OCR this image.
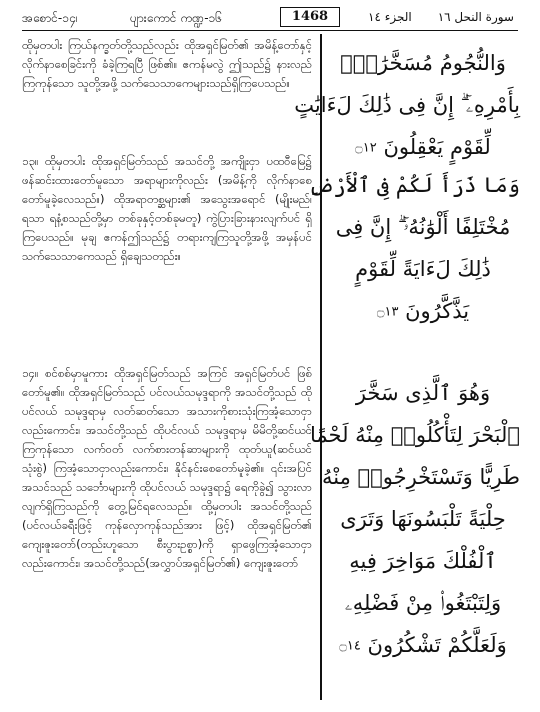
အစောင်-၁၄၊	ပျားကောင် ကဏ္ဍ-၁၆	1468	الجزء ١٤ سورة النحل ١٦

ထိုမှတပါး ကြယ်နက္ခတ်တို့သည်လည်း ထိုအရှင်မြတ်၏ အမိန့်တော်နှင့် လိုက်နာစေခြင်းကို ခံခဲ့ကြရပြီ ဖြစ်၏။ ဧကန်မလွဲ ဤသည်၌ နားလည်ကြကုန်သော သူတို့အဖို့ သက်သေသာကေများသည်ရှိကြပေသည်။

၁၃။ ထိုမှတပါး ထိုအရှင်မြတ်သည် အသင်တို့ အကျိုးငှာ ပထဝီမြေ၌ ဖန်ဆင်းထားတော်မူသော အရာများကိုလည်း (အမိန့်ကို လိုက်နာစေတော်မူခဲ့လေသည်။) ထိုအရာတစ္ဆများ၏ အသွေးအရောင် (မျိုးမည်၊ ရသာ ရနံ့စသည်တို့မှာ တစ်ခုနှင့်တစ်ခုမတူ) ကွဲပြားခြားနားလျက်ပင် ရှိကြပေသည်။ မုချ ဧကန်ဤသည်၌ တရားကျကြသူတို့အဖို့ အမှန်ပင် သက်သေသာကေသည် ရှိချေသတည်း။

၁၄။ စင်စစ်မှာမူကား ထိုအရှင်မြတ်သည် အကြင် အရှင်မြတ်ပင် ဖြစ်တော်မူ၏။ ထိုအရှင်မြတ်သည် ပင်လယ်သမုဒ္ဒရာကို အသင်တို့သည် ထိုပင်လယ် သမုဒ္ဒရာမှ လတ်ဆတ်သော အသားကိုစားသုံးကြအံ့သောငှာလည်းကောင်း၊ အသင်တို့သည် ထိုပင်လယ် သမုဒ္ဒရာမှ မိမိတို့ဆင်ယင်ကြကုန်သော လက်ဝတ် လက်စားတန်ဆာများကို ထုတ်ယူ(ဆင်ယင် သုံးစွဲ) ကြအံ့သောငှာလည်းကောင်း၊ နိုင်နင်းစေတော်မူခဲ့၏။ ၎င်းအပြင် အသင်သည် သင်္ဘောများကို ထိုပင်လယ် သမုဒ္ဒရာ၌ ရေကိုခွဲ၍ သွားလာလျက်ရှိကြသည်ကို တွေ့မြင်ရလေသည်။ ထို့မှတပါး အသင်တို့သည် (ပင်လယ်ခရီးဖြင့် ကုန်လှောကုန်သည်အား ဖြင့်) ထိုအရှင်မြတ်၏ ကျေးဇူးတော်(တည်းဟူသော စီးပွားဥစ္စာ)ကို ရှာဖွေကြအံ့သောငှာလည်းကောင်း၊ အသင်တို့သည်(အလွှာပ်အရှင်မြတ်၏) ကျေးဇူးတော်

وَالنُّجُومُ مُسَخَّرَٰتٌۢ
بِأَمْرِهِۦٓ ۗ إِنَّ فِى ذَٰلِكَ لَءَايَٰتٍ
لِّقَوْمٍ يَعْقِلُونَ ۝١٢
وَمَا ذَرَأَ لَكُمْ فِى ٱلْأَرْضِ
مُخْتَلِفًا أَلْوَٰنُهُۥٓ ۗ إِنَّ فِى
ذَٰلِكَ لَءَايَةً لِّقَوْمٍ
يَذَّكَّرُونَ ۝١٣
وَهُوَ ٱلَّذِى سَخَّرَ
ٱلْبَحْرَ لِتَأْكُلُوا۟ مِنْهُ لَحْمًا
طَرِيًّا وَتَسْتَخْرِجُوا۟ مِنْهُ
حِلْيَةً تَلْبَسُونَهَا وَتَرَى
ٱلْفُلْكَ مَوَاخِرَ فِيهِ
وَلِتَبْتَغُوا۟ مِنْ فَضْلِهِۦ
وَلَعَلَّكُمْ تَشْكُرُونَ ۝١٤
